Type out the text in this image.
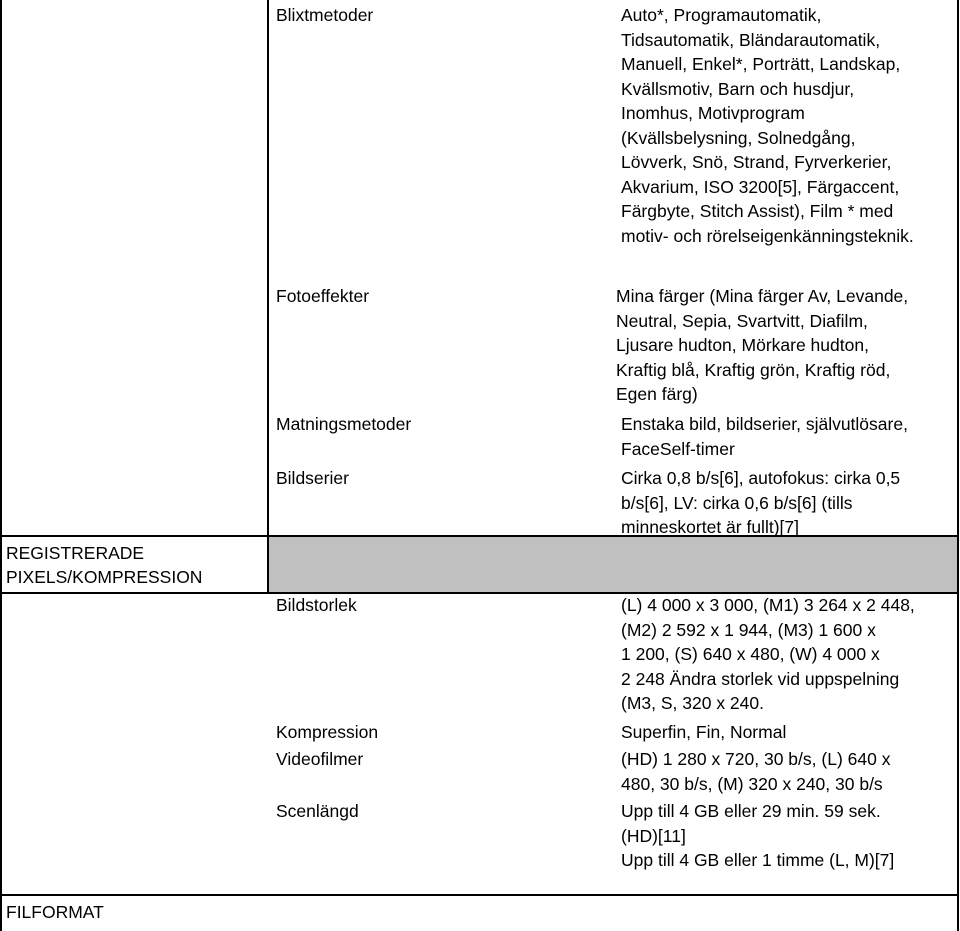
Blixtmetoder
Fotoeffekter
Matningsmetoder
Bildserier
Bildstorlek
Kompression
Videofilmer
Scenlängd
Auto*, Programautomatik,
Tidsautomatik, Bländarautomatik,
Manuell, Enkel*, Porträtt, Landskap,
Kvällsmotiv, Barn och husdjur,
Inomhus, Motivprogram
(Kvällsbelysning, Solnedgång,
Lövverk, Snö, Strand, Fyrverkerier,
Akvarium, ISO 3200[5], Färgaccent,
Färgbyte, Stitch Assist), Film * med
motiv- och rörelseigenkänningsteknik.
Mina färger (Mina färger Av, Levande,
Neutral, Sepia, Svartvitt, Diafilm,
Ljusare hudton, Mörkare hudton,
Kraftig blå, Kraftig grön, Kraftig röd,
Egen färg)
Enstaka bild, bildserier, självutlösare,
FaceSelf-timer
Cirka 0,8 b/s[6], autofokus: cirka 0,5
b/s[6], LV: cirka 0,6 b/s[6] (tills
minneskortet är fullt)[7]
(L) 4 000 x 3 000, (M1) 3 264 x 2 448,
(M2) 2 592 x 1 944, (M3) 1 600 x
1 200, (S) 640 x 480, (W) 4 000 x
2 248 Ändra storlek vid uppspelning
(M3, S, 320 x 240.
Superfin, Fin, Normal
(HD) 1 280 x 720, 30 b/s, (L) 640 x
480, 30 b/s, (M) 320 x 240, 30 b/s
Upp till 4 GB eller 29 min. 59 sek.
(HD)[11]
Upp till 4 GB eller 1 timme (L, M)[7]
REGISTRERADE
PIXELS/KOMPRESSION
FILFORMAT
